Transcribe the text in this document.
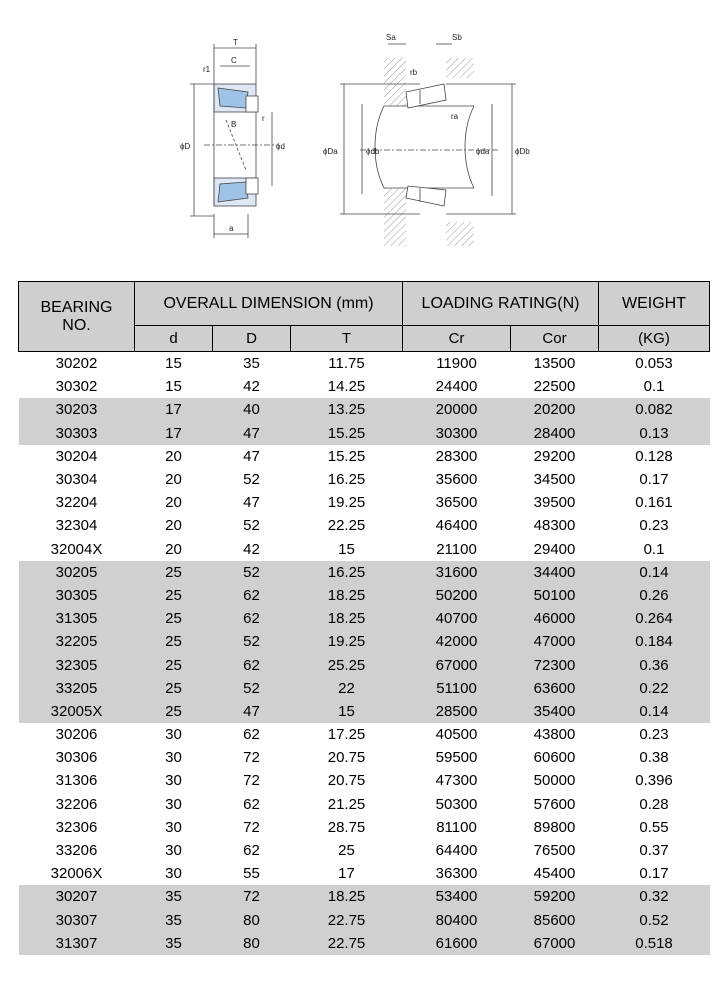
T
C
r1
r
B
ϕD	ϕd
a
Sa	Sb
rb
ra
ϕDa	ϕdb	ϕda	ϕDb
BEARING
NO.	OVERALL DIMENSION (mm)			LOADING RATING(N)		WEIGHT
	d	D	T	Cr	Cor	(KG)
30202	15	35	11.75	11900	13500	0.053
30302	15	42	14.25	24400	22500	0.1
30203	17	40	13.25	20000	20200	0.082
30303	17	47	15.25	30300	28400	0.13
30204	20	47	15.25	28300	29200	0.128
30304	20	52	16.25	35600	34500	0.17
32204	20	47	19.25	36500	39500	0.161
32304	20	52	22.25	46400	48300	0.23
32004X	20	42	15	21100	29400	0.1
30205	25	52	16.25	31600	34400	0.14
30305	25	62	18.25	50200	50100	0.26
31305	25	62	18.25	40700	46000	0.264
32205	25	52	19.25	42000	47000	0.184
32305	25	62	25.25	67000	72300	0.36
33205	25	52	22	51100	63600	0.22
32005X	25	47	15	28500	35400	0.14
30206	30	62	17.25	40500	43800	0.23
30306	30	72	20.75	59500	60600	0.38
31306	30	72	20.75	47300	50000	0.396
32206	30	62	21.25	50300	57600	0.28
32306	30	72	28.75	81100	89800	0.55
33206	30	62	25	64400	76500	0.37
32006X	30	55	17	36300	45400	0.17
30207	35	72	18.25	53400	59200	0.32
30307	35	80	22.75	80400	85600	0.52
31307	35	80	22.75	61600	67000	0.518
